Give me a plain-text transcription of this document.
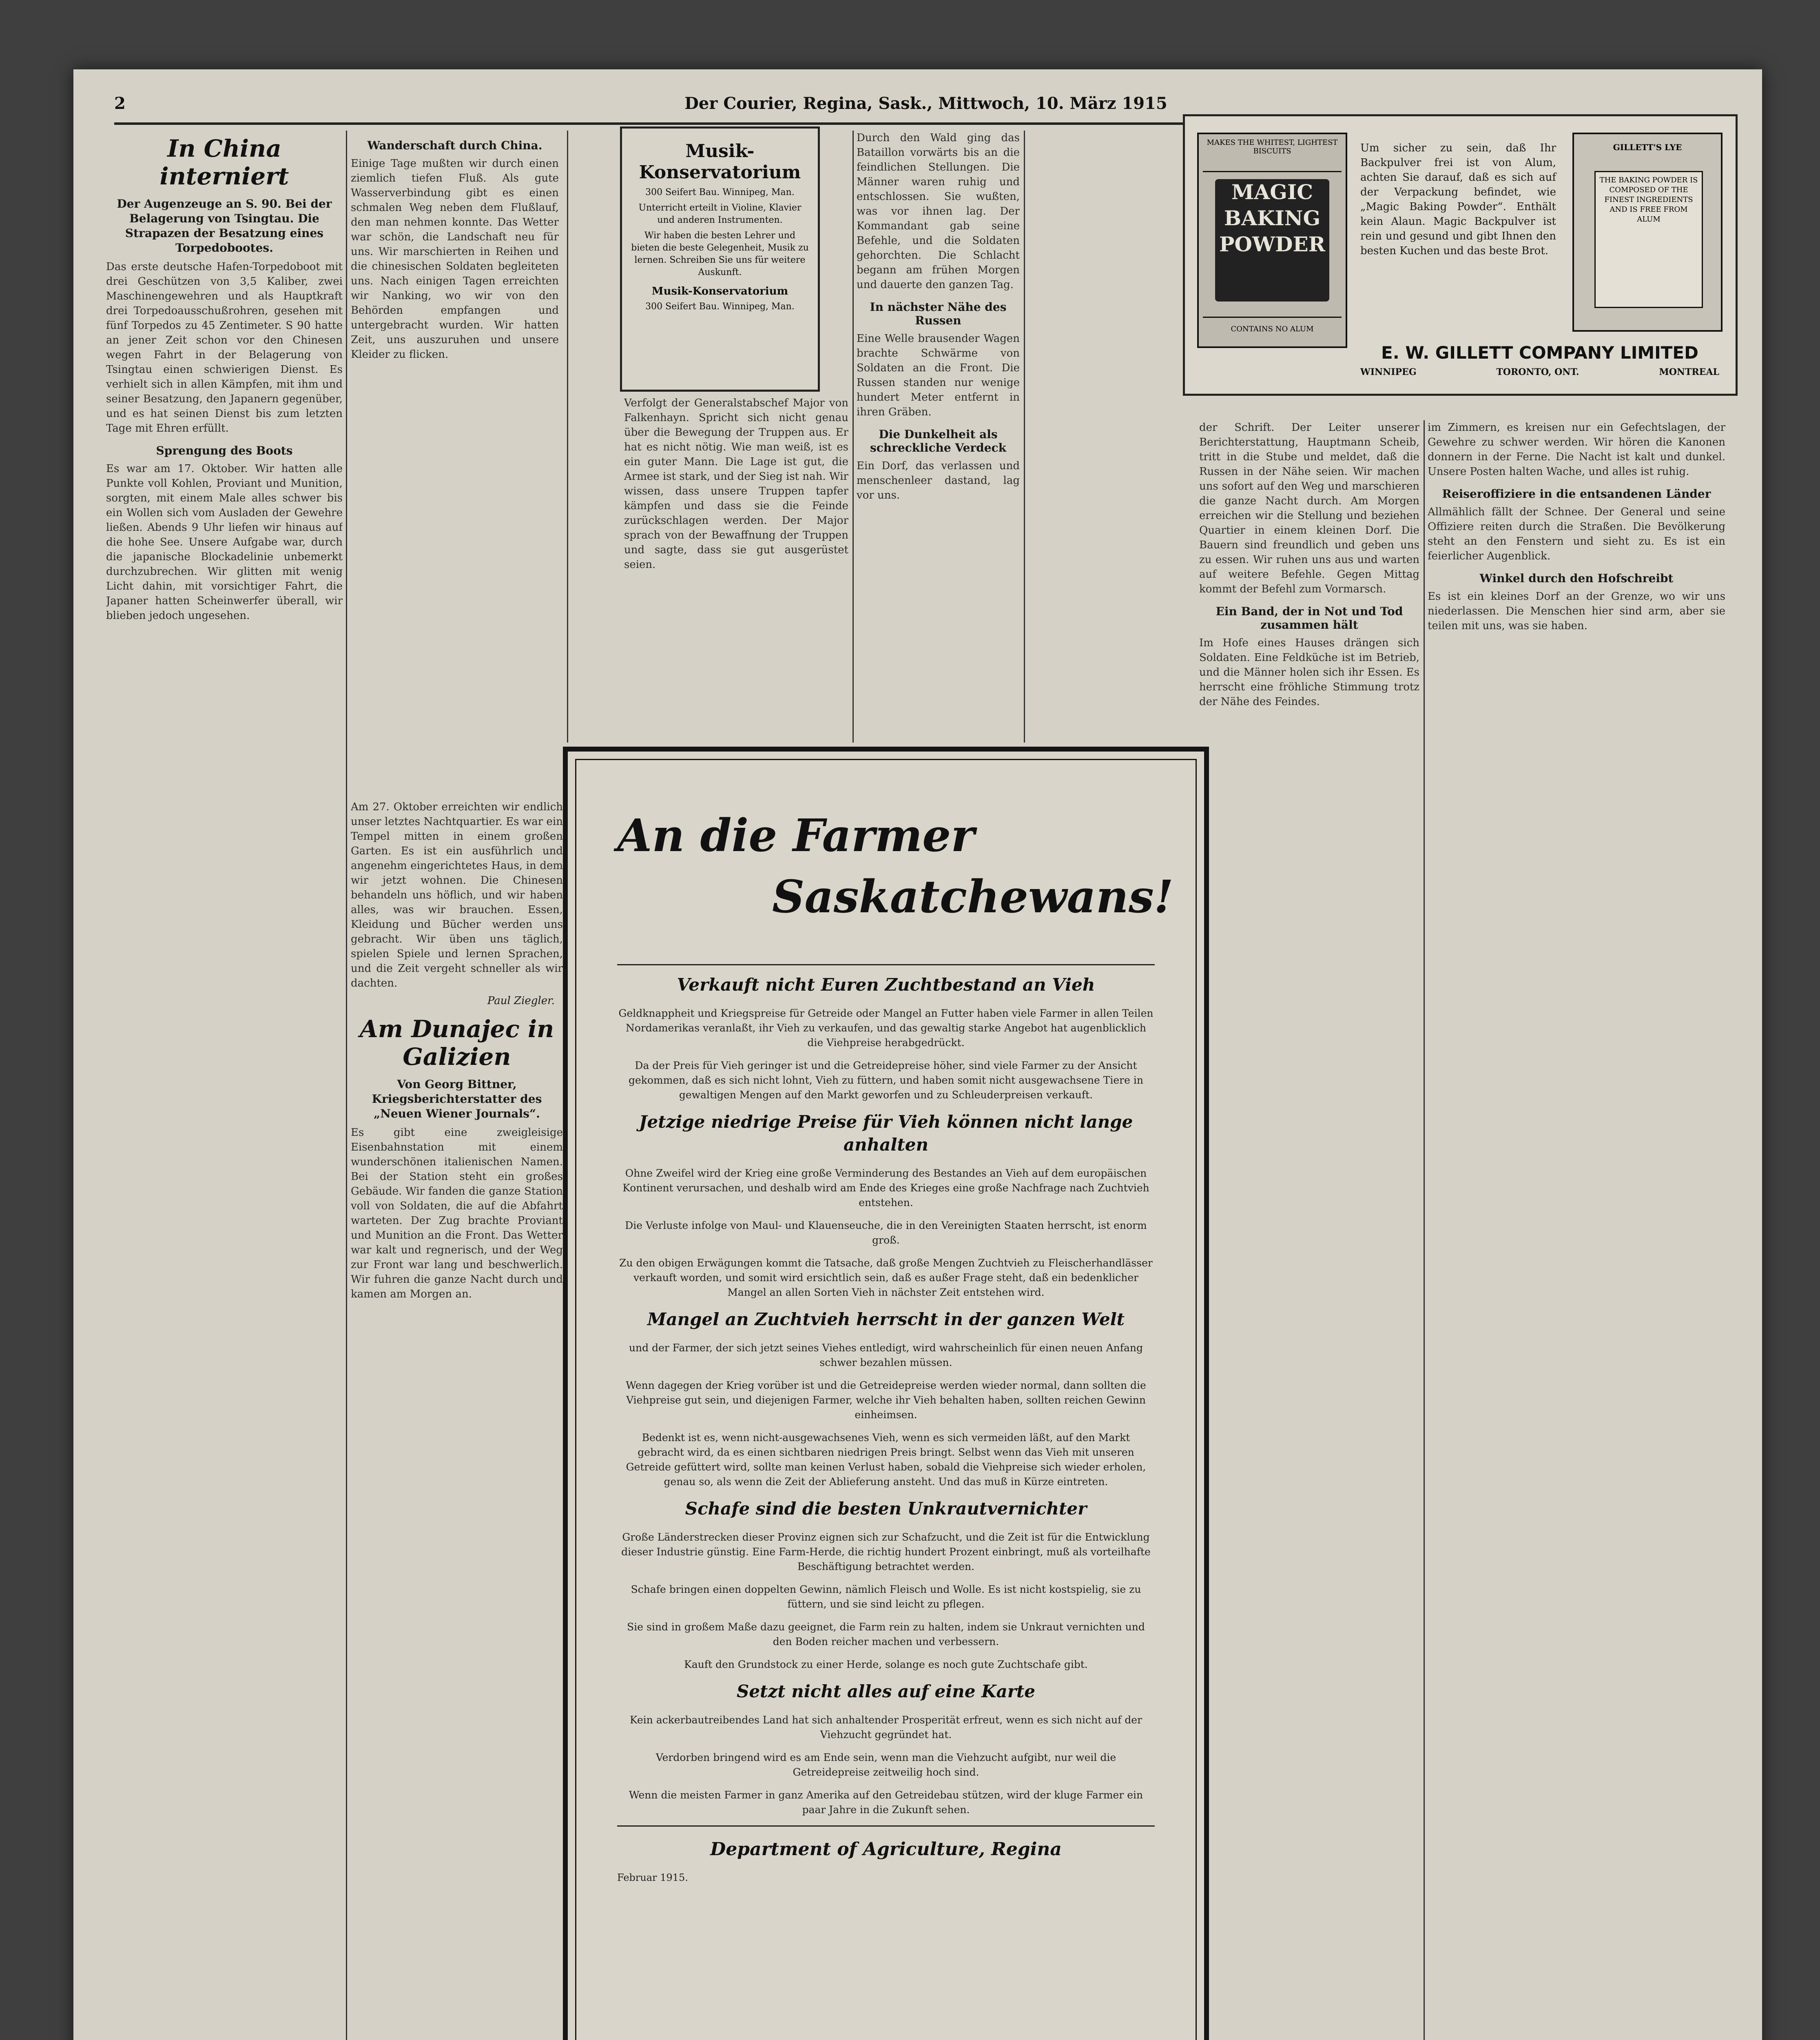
2	Der Courier, Regina, Sask., Mittwoch, 10. März 1915
In China interniert
Der Augenzeuge an S. 90. Bei der Belagerung von Tsingtau. Die Strapazen der Besatzung eines Torpedobootes.

Das erste deutsche Hafen-Torpedoboot mit drei Geschützen von 3,5 Kaliber, zwei Maschinengewehren und als Hauptkraft drei Torpedoausschußrohren, gesehen mit fünf Torpedos zu 45 Zentimeter. S 90 hatte an jener Zeit schon vor den Chinesen wegen Fahrt in der Belagerung von Tsingtau einen schwierigen Dienst. Es verhielt sich in allen Kämpfen, mit ihm und seiner Besatzung, den Japanern gegenüber, und es hat seinen Dienst bis zum letzten Tage mit Ehren erfüllt.

Sprengung des Boots

Es war am 17. Oktober. Wir hatten alle Punkte voll Kohlen, Proviant und Munition, sorgten, mit einem Male alles schwer bis ein Wollen sich vom Ausladen der Gewehre ließen. Abends 9 Uhr liefen wir hinaus auf die hohe See. Unsere Aufgabe war, durch die japanische Blockadelinie unbemerkt durchzubrechen. Wir glitten mit wenig Licht dahin, mit vorsichtiger Fahrt, die Japaner hatten Scheinwerfer überall, wir blieben jedoch ungesehen.

Wanderschaft durch China.

Einige Tage mußten wir durch einen ziemlich tiefen Fluß. Als gute Wasserverbindung gibt es einen schmalen Weg neben dem Flußlauf, den man nehmen konnte. Das Wetter war schön, die Landschaft neu für uns. Wir marschierten in Reihen und die chinesischen Soldaten begleiteten uns. Nach einigen Tagen erreichten wir Nanking, wo wir von den Behörden empfangen und untergebracht wurden. Wir hatten Zeit, uns auszuruhen und unsere Kleider zu flicken.

Am 27. Oktober erreichten wir endlich unser letztes Nachtquartier. Es war ein Tempel mitten in einem großen Garten. Es ist ein ausführlich und angenehm eingerichtetes Haus, in dem wir jetzt wohnen. Die Chinesen behandeln uns höflich, und wir haben alles, was wir brauchen. Essen, Kleidung und Bücher werden uns gebracht. Wir üben uns täglich, spielen Spiele und lernen Sprachen, und die Zeit vergeht schneller als wir dachten.

Paul Ziegler.
Am Dunajec in Galizien
Von Georg Bittner, Kriegsberichterstatter des „Neuen Wiener Journals“.

Es gibt eine zweigleisige Eisenbahnstation mit einem wunderschönen italienischen Namen. Bei der Station steht ein großes Gebäude. Wir fanden die ganze Station voll von Soldaten, die auf die Abfahrt warteten. Der Zug brachte Proviant und Munition an die Front. Das Wetter war kalt und regnerisch, und der Weg zur Front war lang und beschwerlich. Wir fuhren die ganze Nacht durch und kamen am Morgen an.

Musik-Konservatorium
300 Seifert Bau. Winnipeg, Man.
Unterricht erteilt in Violine, Klavier und anderen Instrumenten.
Wir haben die besten Lehrer und bieten die beste Gelegenheit, Musik zu lernen. Schreiben Sie uns für weitere Auskunft.
Musik-Konservatorium
300 Seifert Bau. Winnipeg, Man.

Verfolgt der Generalstabschef Major von Falkenhayn. Spricht sich nicht genau über die Bewegung der Truppen aus. Er hat es nicht nötig. Wie man weiß, ist es ein guter Mann. Die Lage ist gut, die Armee ist stark, und der Sieg ist nah. Wir wissen, dass unsere Truppen tapfer kämpfen und dass sie die Feinde zurückschlagen werden. Der Major sprach von der Bewaffnung der Truppen und sagte, dass sie gut ausgerüstet seien.

Durch den Wald ging das Bataillon vorwärts bis an die feindlichen Stellungen. Die Männer waren ruhig und entschlossen. Sie wußten, was vor ihnen lag. Der Kommandant gab seine Befehle, und die Soldaten gehorchten. Die Schlacht begann am frühen Morgen und dauerte den ganzen Tag.

In nächster Nähe des Russen

Eine Welle brausender Wagen brachte Schwärme von Soldaten an die Front. Die Russen standen nur wenige hundert Meter entfernt in ihren Gräben.

Die Dunkelheit als schreckliche Verdeck

Ein Dorf, das verlassen und menschenleer dastand, lag vor uns.

MAKES THE WHITEST, LIGHTEST BISCUITS
MAGIC
BAKING
POWDER
CONTAINS NO ALUM
Um sicher zu sein, daß Ihr Backpulver frei ist von Alum, achten Sie darauf, daß es sich auf der Verpackung befindet, wie „Magic Baking Powder“. Enthält kein Alaun. Magic Backpulver ist rein und gesund und gibt Ihnen den besten Kuchen und das beste Brot.
GILLETT'S LYE
THE BAKING POWDER IS COMPOSED OF THE FINEST INGREDIENTS AND IS FREE FROM ALUM
E. W. GILLETT COMPANY LIMITED
WINNIPEG	TORONTO, ONT.	MONTREAL

der Schrift. Der Leiter unserer Berichterstattung, Hauptmann Scheib, tritt in die Stube und meldet, daß die Russen in der Nähe seien. Wir machen uns sofort auf den Weg und marschieren die ganze Nacht durch. Am Morgen erreichen wir die Stellung und beziehen Quartier in einem kleinen Dorf. Die Bauern sind freundlich und geben uns zu essen. Wir ruhen uns aus und warten auf weitere Befehle. Gegen Mittag kommt der Befehl zum Vormarsch.

Ein Band, der in Not und Tod zusammen hält

Im Hofe eines Hauses drängen sich Soldaten. Eine Feldküche ist im Betrieb, und die Männer holen sich ihr Essen. Es herrscht eine fröhliche Stimmung trotz der Nähe des Feindes.

im Zimmern, es kreisen nur ein Gefechtslagen, der Gewehre zu schwer werden. Wir hören die Kanonen donnern in der Ferne. Die Nacht ist kalt und dunkel. Unsere Posten halten Wache, und alles ist ruhig.

Reiseroffiziere in die entsandenen Länder

Allmählich fällt der Schnee. Der General und seine Offiziere reiten durch die Straßen. Die Bevölkerung steht an den Fenstern und sieht zu. Es ist ein feierlicher Augenblick.

Winkel durch den Hofschreibt

Es ist ein kleines Dorf an der Grenze, wo wir uns niederlassen. Die Menschen hier sind arm, aber sie teilen mit uns, was sie haben.

An die Farmer
Saskatchewans!
Verkauft nicht Euren Zuchtbestand an Vieh

Geldknappheit und Kriegspreise für Getreide oder Mangel an Futter haben viele Farmer in allen Teilen Nordamerikas veranlaßt, ihr Vieh zu verkaufen, und das gewaltig starke Angebot hat augenblicklich die Viehpreise herabgedrückt.

Da der Preis für Vieh geringer ist und die Getreidepreise höher, sind viele Farmer zu der Ansicht gekommen, daß es sich nicht lohnt, Vieh zu füttern, und haben somit nicht ausgewachsene Tiere in gewaltigen Mengen auf den Markt geworfen und zu Schleuderpreisen verkauft.

Jetzige niedrige Preise für Vieh können nicht lange anhalten

Ohne Zweifel wird der Krieg eine große Verminderung des Bestandes an Vieh auf dem europäischen Kontinent verursachen, und deshalb wird am Ende des Krieges eine große Nachfrage nach Zuchtvieh entstehen.

Die Verluste infolge von Maul- und Klauenseuche, die in den Vereinigten Staaten herrscht, ist enorm groß.

Zu den obigen Erwägungen kommt die Tatsache, daß große Mengen Zuchtvieh zu Fleischerhandlässer verkauft worden, und somit wird ersichtlich sein, daß es außer Frage steht, daß ein bedenklicher Mangel an allen Sorten Vieh in nächster Zeit entstehen wird.

Mangel an Zuchtvieh herrscht in der ganzen Welt

und der Farmer, der sich jetzt seines Viehes entledigt, wird wahrscheinlich für einen neuen Anfang schwer bezahlen müssen.

Wenn dagegen der Krieg vorüber ist und die Getreidepreise werden wieder normal, dann sollten die Viehpreise gut sein, und diejenigen Farmer, welche ihr Vieh behalten haben, sollten reichen Gewinn einheimsen.

Bedenkt ist es, wenn nicht-ausgewachsenes Vieh, wenn es sich vermeiden läßt, auf den Markt gebracht wird, da es einen sichtbaren niedrigen Preis bringt. Selbst wenn das Vieh mit unseren Getreide gefüttert wird, sollte man keinen Verlust haben, sobald die Viehpreise sich wieder erholen, genau so, als wenn die Zeit der Ablieferung ansteht. Und das muß in Kürze eintreten.

Schafe sind die besten Unkrautvernichter

Große Länderstrecken dieser Provinz eignen sich zur Schafzucht, und die Zeit ist für die Entwicklung dieser Industrie günstig. Eine Farm-Herde, die richtig hundert Prozent einbringt, muß als vorteilhafte Beschäftigung betrachtet werden.

Schafe bringen einen doppelten Gewinn, nämlich Fleisch und Wolle. Es ist nicht kostspielig, sie zu füttern, und sie sind leicht zu pflegen.

Sie sind in großem Maße dazu geeignet, die Farm rein zu halten, indem sie Unkraut vernichten und den Boden reicher machen und verbessern.

Kauft den Grundstock zu einer Herde, solange es noch gute Zuchtschafe gibt.

Setzt nicht alles auf eine Karte

Kein ackerbautreibendes Land hat sich anhaltender Prosperität erfreut, wenn es sich nicht auf der Viehzucht gegründet hat.

Verdorben bringend wird es am Ende sein, wenn man die Viehzucht aufgibt, nur weil die Getreidepreise zeitweilig hoch sind.

Wenn die meisten Farmer in ganz Amerika auf den Getreidebau stützen, wird der kluge Farmer ein paar Jahre in die Zukunft sehen.

Department of Agriculture, Regina
Februar 1915.
